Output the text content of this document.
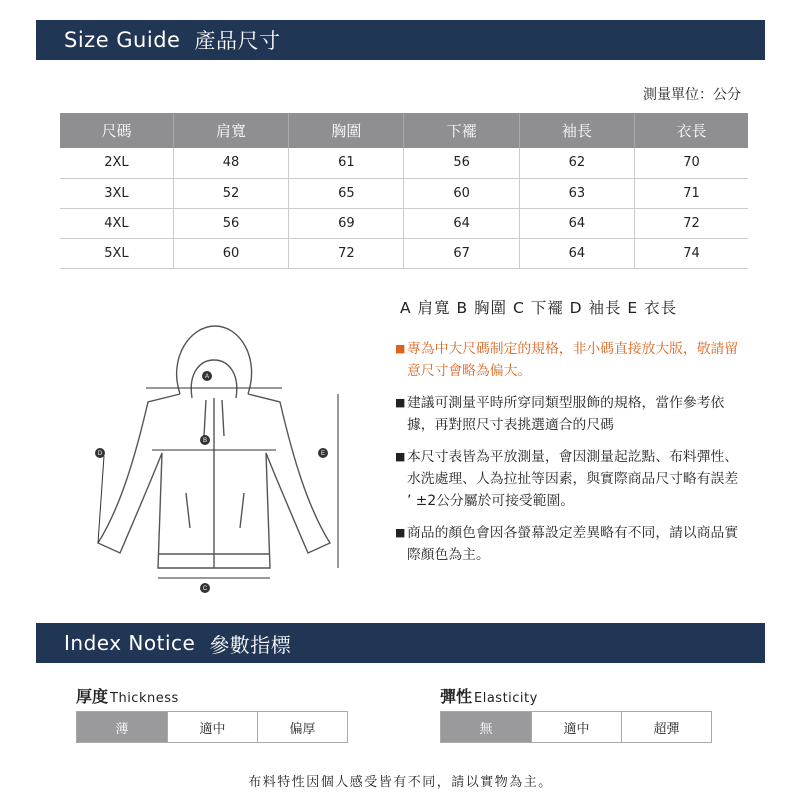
Size Guide 產品尺寸
測量單位：公分
尺碼	肩寬	胸圍	下襬	袖長	衣長
2XL	48	61	56	62	70
3XL	52	65	60	63	71
4XL	56	69	64	64	72
5XL	60	72	67	64	74
A
B
C
D	E
A 肩寬 B 胸圍 C 下襬 D 袖長 E 衣長
■ 專為中大尺碼制定的規格，非小碼直接放大版，敬請留意尺寸會略為偏大。
■ 建議可測量平時所穿同類型服飾的規格，當作參考依據，再對照尺寸表挑選適合的尺碼
■ 本尺寸表皆為平放測量，會因測量起訖點、布料彈性、水洗處理、人為拉扯等因素，與實際商品尺寸略有誤差 ’ ±2公分屬於可接受範圍。
■ 商品的顏色會因各螢幕設定差異略有不同，請以商品實際顏色為主。
Index Notice 參數指標
厚度 Thickness
薄	適中	偏厚
彈性 Elasticity
無	適中	超彈
布料特性因個人感受皆有不同，請以實物為主。
